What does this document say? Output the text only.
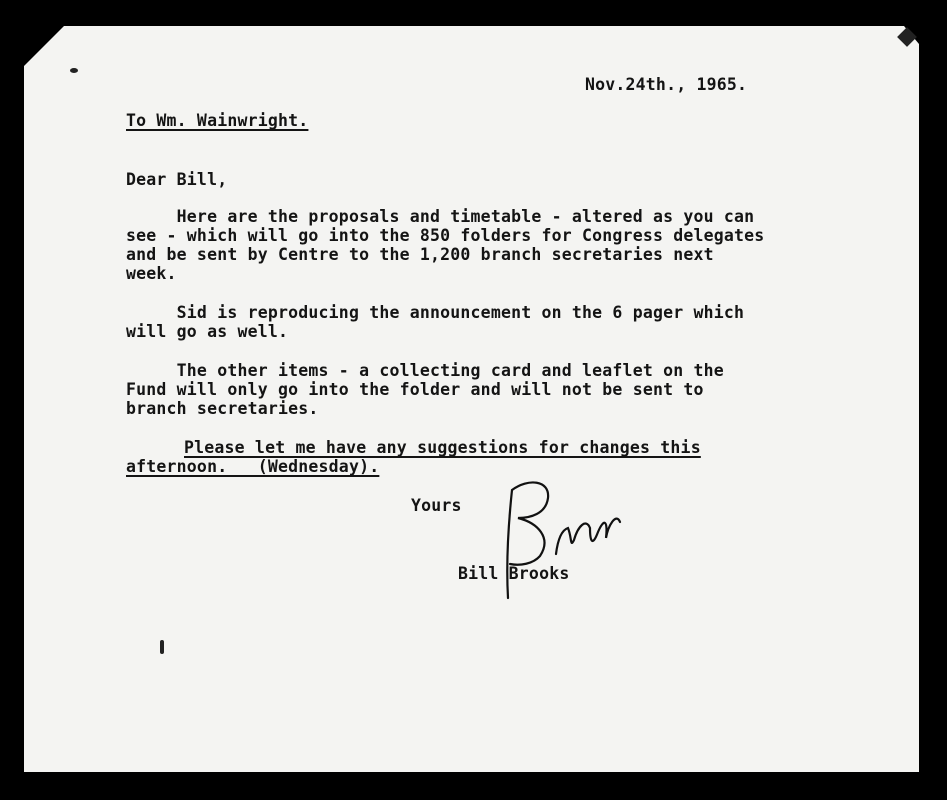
Nov.24th., 1965.
To Wm. Wainwright.
Dear Bill,
Here are the proposals and timetable - altered as you can
see - which will go into the 850 folders for Congress delegates
and be sent by Centre to the 1,200 branch secretaries next
week.
Sid is reproducing the announcement on the 6 pager which
will go as well.
The other items - a collecting card and leaflet on the
Fund will only go into the folder and will not be sent to
branch secretaries.
Please let me have any suggestions for changes this
afternoon.   (Wednesday).
Yours
Bill Brooks
